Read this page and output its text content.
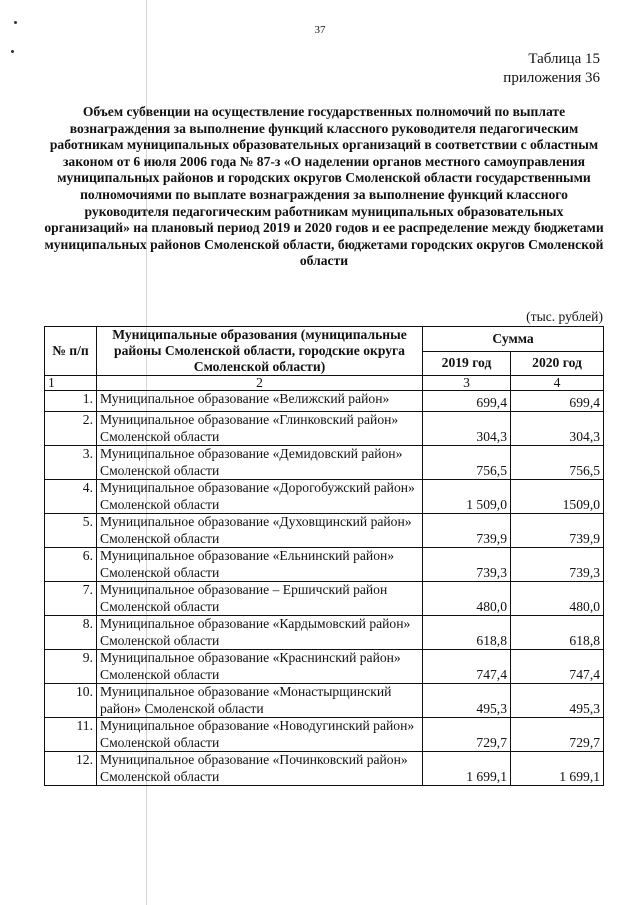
37
Таблица 15
приложения 36
Объем субвенции на осуществление государственных полномочий по выплате вознаграждения за выполнение функций классного руководителя педагогическим работникам муниципальных образовательных организаций в соответствии с областным законом от 6 июля 2006 года № 87-з «О наделении органов местного самоуправления муниципальных районов и городских округов Смоленской области государственными полномочиями по выплате вознаграждения за выполнение функций классного руководителя педагогическим работникам муниципальных образовательных организаций» на плановый период 2019 и 2020 годов и ее распределение между бюджетами муниципальных районов Смоленской области, бюджетами городских округов Смоленской области
(тыс. рублей)
№ п/п	Муниципальные образования (муниципальные районы Смоленской области, городские округа Смоленской области)	Сумма	
		2019 год	2020 год
1	2	3	4
1.	Муниципальное образование «Велижский район»	699,4	699,4
2.	Муниципальное образование «Глинковский район» Смоленской области	304,3	304,3
3.	Муниципальное образование «Демидовский район» Смоленской области	756,5	756,5
4.	Муниципальное образование «Дорогобужский район» Смоленской области	1 509,0	1509,0
5.	Муниципальное образование «Духовщинский район» Смоленской области	739,9	739,9
6.	Муниципальное образование «Ельнинский район» Смоленской области	739,3	739,3
7.	Муниципальное образование – Ершичский район Смоленской области	480,0	480,0
8.	Муниципальное образование «Кардымовский район» Смоленской области	618,8	618,8
9.	Муниципальное образование «Краснинский район» Смоленской области	747,4	747,4
10.	Муниципальное образование «Монастырщинский район» Смоленской области	495,3	495,3
11.	Муниципальное образование «Новодугинский район» Смоленской области	729,7	729,7
12.	Муниципальное образование «Починковский район» Смоленской области	1 699,1	1 699,1
